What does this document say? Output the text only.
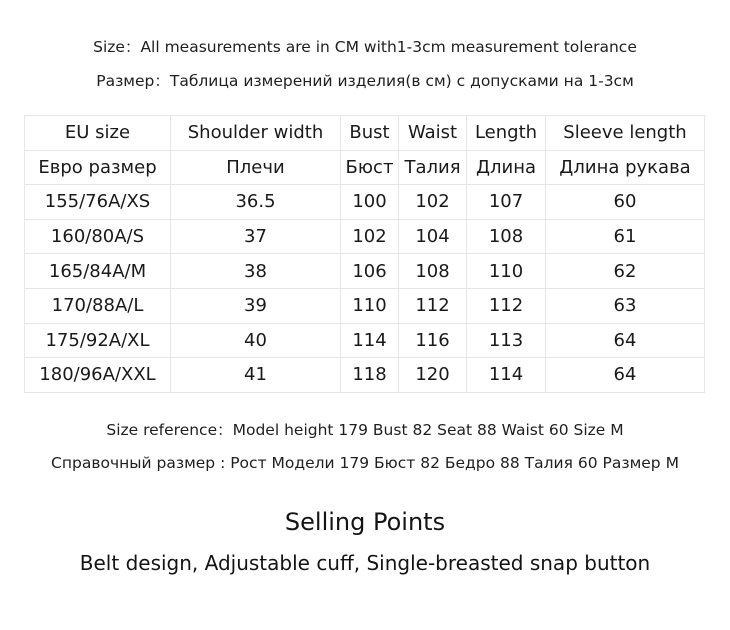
Size：All measurements are in CM with1-3cm measurement tolerance
Размер：Таблица измерений изделия(в см) с допусками на 1-3см
EU size	Shoulder width	Bust	Waist	Length	Sleeve length
Евро размер	Плечи	Бюст	Талия	Длина	Длина рукава
155/76A/XS	36.5	100	102	107	60
160/80A/S	37	102	104	108	61
165/84A/M	38	106	108	110	62
170/88A/L	39	110	112	112	63
175/92A/XL	40	114	116	113	64
180/96A/XXL	41	118	120	114	64
Size reference：Model height 179 Bust 82 Seat 88 Waist 60 Size M
Справочный размер : Рост Модели 179 Бюст 82 Бедро 88 Талия 60 Размер M
Selling Points
Belt design, Adjustable cuff, Single-breasted snap button
